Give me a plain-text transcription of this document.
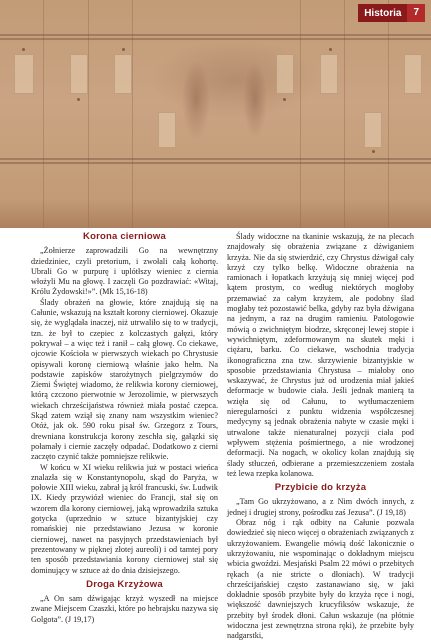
Historia	7
Korona cierniowa

„Żołnierze zaprowadzili Go na wewnętrzny dziedziniec, czyli pretorium, i zwołali całą kohortę. Ubrali Go w purpurę i uplótłszy wieniec z ciernia włożyli Mu na głowę. I zaczęli Go pozdrawiać: «Witaj, Królu Żydowski!»”. (Mk 15,16-18)

Ślady obrażeń na głowie, które znajdują się na Całunie, wskazują na kształt korony cierniowej. Okazuje się, że wyglądała inaczej, niż utrwaliło się to w tradycji, tzn. że był to czepiec z kolczastych gałęzi, który pokrywał – a więc też i ranił – całą głowę. Co ciekawe, ojcowie Kościoła w pierwszych wiekach po Chrystusie opisywali koronę cierniową właśnie jako hełm. Na podstawie zapisków starożytnych pielgrzymów do Ziemi Świętej wiadomo, że relikwia korony cierniowej, którą czczono pierwotnie w Jerozolimie, w pierwszych wiekach chrześcijaństwa również miała postać czepca. Skąd zatem wziął się znany nam wszystkim wieniec? Otóż, jak ok. 590 roku pisał św. Grzegorz z Tours, drewniana konstrukcja korony zeschła się, gałązki się połamały i ciernie zaczęły odpadać. Dodatkowo z cierni zaczęto czynić także pomniejsze relikwie.

W końcu w XI wieku relikwia już w postaci wieńca znalazła się w Konstantynopolu, skąd do Paryża, w połowie XIII wieku, zabrał ją król francuski, św. Ludwik IX. Kiedy przywiózł wieniec do Francji, stał się on wzorem dla korony cierniowej, jaką wprowadziła sztuka gotycka (uprzednio w sztuce bizantyjskiej czy romańskiej nie przedstawiano Jezusa w koronie cierniowej, nawet na pasyjnych przedstawieniach był prezentowany w pięknej złotej aureoli) i od tamtej pory ten sposób przedstawiania korony cierniowej stał się dominujący w sztuce aż do dnia dzisiejszego.

Droga Krzyżowa

„A On sam dźwigając krzyż wyszedł na miejsce zwane Miejscem Czaszki, które po hebrajsku nazywa się Golgota”. (J 19,17)

Ślady widoczne na tkaninie wskazują, że na plecach znajdowały się obrażenia związane z dźwiganiem krzyża. Nie da się stwierdzić, czy Chrystus dźwigał cały krzyż czy tylko belkę. Widoczne obrażenia na ramionach i łopatkach krzyżują się mniej więcej pod kątem prostym, co według niektórych mogłoby przemawiać za całym krzyżem, ale podobny ślad mogłaby też pozostawić belka, gdyby raz była dźwigana na jednym, a raz na drugim ramieniu. Patologowie mówią o zwichniętym biodrze, skręconej lewej stopie i wywichniętym, zdeformowanym na skutek męki i ciężaru, barku. Co ciekawe, wschodnia tradycja ikonograficzna zna tzw. skrzywienie bizantyjskie w sposobie przedstawiania Chrystusa – miałoby ono wskazywać, że Chrystus już od urodzenia miał jakieś deformacje w budowie ciała. Jeśli jednak manierą ta wzięła się od Całunu, to wytłumaczeniem nieregularności z punktu widzenia współczesnej medycyny są jednak obrażenia nabyte w czasie męki i utrwalone także nienaturalnej pozycji ciała pod wpływem stężenia pośmiertnego, a nie wrodzonej deformacji. Na nogach, w okolicy kolan znajdują się ślady stłuczeń, odbierane a przemieszczeniem została też lewa rzepka kolanowa.

Przybicie do krzyża

„Tam Go ukrzyżowano, a z Nim dwóch innych, z jednej i drugiej strony, pośrodku zaś Jezusa”. (J 19,18)

Obraz nóg i rąk odbity na Całunie pozwala dowiedzieć się nieco więcej o obrażeniach związanych z ukrzyżowaniem. Ewangelie mówią dość lakonicznie o ukrzyżowaniu, nie wspominając o dokładnym miejscu wbicia gwoździ. Mesjański Psalm 22 mówi o przebitych rękach (a nie stricte o dłoniach). W tradycji chrześcijańskiej często zastanawiano się, w jaki dokładnie sposób przybite były do krzyża ręce i nogi, większość dawniejszych krucyfiksów wskazuje, że przebity był środek dłoni. Całun wskazuje (na płótnie widoczna jest zewnętrzna strona ręki), że przebite były nadgarstki,
